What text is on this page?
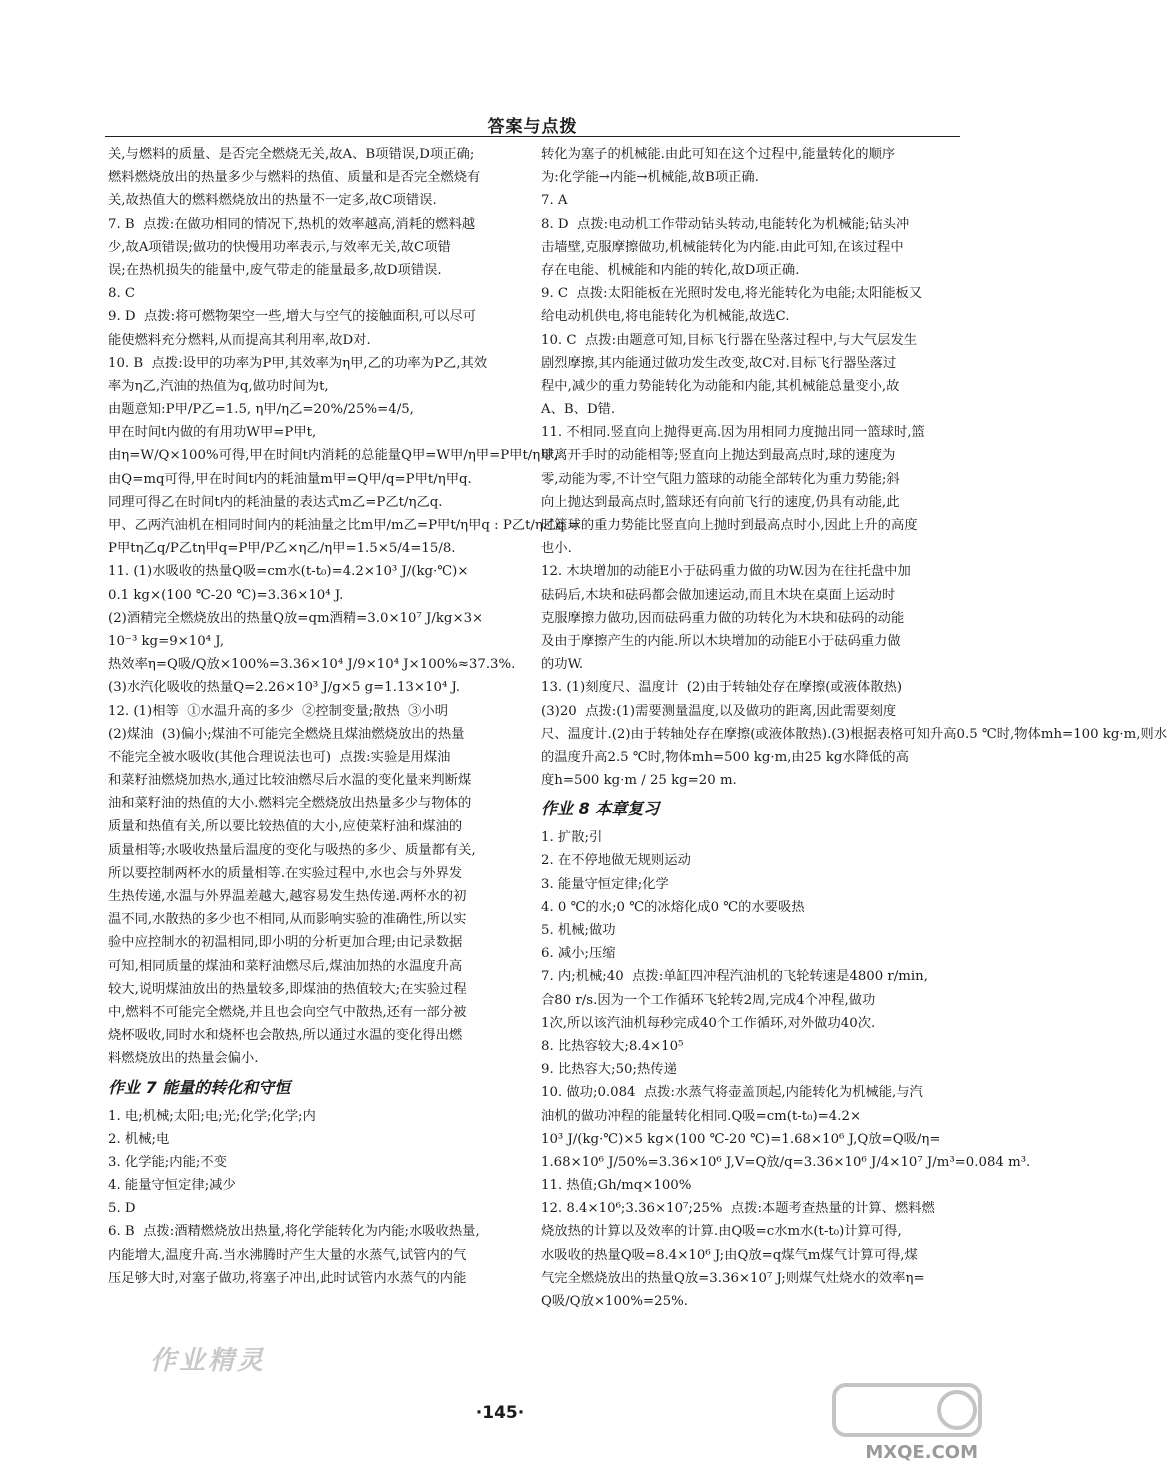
答案与点拨
关,与燃料的质量、是否完全燃烧无关,故A、B项错误,D项正确;
燃料燃烧放出的热量多少与燃料的热值、质量和是否完全燃烧有
关,故热值大的燃料燃烧放出的热量不一定多,故C项错误.
7. B  点拨:在做功相同的情况下,热机的效率越高,消耗的燃料越
少,故A项错误;做功的快慢用功率表示,与效率无关,故C项错
误;在热机损失的能量中,废气带走的能量最多,故D项错误.
8. C
9. D  点拨:将可燃物架空一些,增大与空气的接触面积,可以尽可
能使燃料充分燃料,从而提高其利用率,故D对.
10. B  点拨:设甲的功率为P甲,其效率为η甲,乙的功率为P乙,其效
率为η乙,汽油的热值为q,做功时间为t,
由题意知:P甲/P乙=1.5, η甲/η乙=20%/25%=4/5,
甲在时间t内做的有用功W甲=P甲t,
由η=W/Q×100%可得,甲在时间t内消耗的总能量Q甲=W甲/η甲=P甲t/η甲,
由Q=mq可得,甲在时间t内的耗油量m甲=Q甲/q=P甲t/η甲q.
同理可得乙在时间t内的耗油量的表达式m乙=P乙t/η乙q.
甲、乙两汽油机在相同时间内的耗油量之比m甲/m乙=P甲t/η甲q : P乙t/η乙q =
P甲tη乙q/P乙tη甲q=P甲/P乙×η乙/η甲=1.5×5/4=15/8.
11. (1)水吸收的热量Q吸=cm水(t-t₀)=4.2×10³ J/(kg·℃)×
0.1 kg×(100 ℃-20 ℃)=3.36×10⁴ J.
(2)酒精完全燃烧放出的热量Q放=qm酒精=3.0×10⁷ J/kg×3×
10⁻³ kg=9×10⁴ J,
热效率η=Q吸/Q放×100%=3.36×10⁴ J/9×10⁴ J×100%≈37.3%.
(3)水汽化吸收的热量Q=2.26×10³ J/g×5 g=1.13×10⁴ J.
12. (1)相等  ①水温升高的多少  ②控制变量;散热  ③小明
(2)煤油  (3)偏小;煤油不可能完全燃烧且煤油燃烧放出的热量
不能完全被水吸收(其他合理说法也可)  点拨:实验是用煤油
和菜籽油燃烧加热水,通过比较油燃尽后水温的变化量来判断煤
油和菜籽油的热值的大小.燃料完全燃烧放出热量多少与物体的
质量和热值有关,所以要比较热值的大小,应使菜籽油和煤油的
质量相等;水吸收热量后温度的变化与吸热的多少、质量都有关,
所以要控制两杯水的质量相等.在实验过程中,水也会与外界发
生热传递,水温与外界温差越大,越容易发生热传递.两杯水的初
温不同,水散热的多少也不相同,从而影响实验的准确性,所以实
验中应控制水的初温相同,即小明的分析更加合理;由记录数据
可知,相同质量的煤油和菜籽油燃尽后,煤油加热的水温度升高
较大,说明煤油放出的热量较多,即煤油的热值较大;在实验过程
中,燃料不可能完全燃烧,并且也会向空气中散热,还有一部分被
烧杯吸收,同时水和烧杯也会散热,所以通过水温的变化得出燃
料燃烧放出的热量会偏小.
作业 7 能量的转化和守恒
1. 电;机械;太阳;电;光;化学;化学;内
2. 机械;电
3. 化学能;内能;不变
4. 能量守恒定律;减少
5. D
6. B  点拨:酒精燃烧放出热量,将化学能转化为内能;水吸收热量,
内能增大,温度升高.当水沸腾时产生大量的水蒸气,试管内的气
压足够大时,对塞子做功,将塞子冲出,此时试管内水蒸气的内能
转化为塞子的机械能.由此可知在这个过程中,能量转化的顺序
为:化学能→内能→机械能,故B项正确.
7. A
8. D  点拨:电动机工作带动钻头转动,电能转化为机械能;钻头冲
击墙壁,克服摩擦做功,机械能转化为内能.由此可知,在该过程中
存在电能、机械能和内能的转化,故D项正确.
9. C  点拨:太阳能板在光照时发电,将光能转化为电能;太阳能板又
给电动机供电,将电能转化为机械能,故选C.
10. C  点拨:由题意可知,目标飞行器在坠落过程中,与大气层发生
剧烈摩擦,其内能通过做功发生改变,故C对.目标飞行器坠落过
程中,减少的重力势能转化为动能和内能,其机械能总量变小,故
A、B、D错.
11. 不相同.竖直向上抛得更高.因为用相同力度抛出同一篮球时,篮
球离开手时的动能相等;竖直向上抛达到最高点时,球的速度为
零,动能为零,不计空气阻力篮球的动能全部转化为重力势能;斜
向上抛达到最高点时,篮球还有向前飞行的速度,仍具有动能,此
时篮球的重力势能比竖直向上抛时到最高点时小,因此上升的高度
也小.
12. 木块增加的动能E小于砝码重力做的功W.因为在往托盘中加
砝码后,木块和砝码都会做加速运动,而且木块在桌面上运动时
克服摩擦力做功,因而砝码重力做的功转化为木块和砝码的动能
及由于摩擦产生的内能.所以木块增加的动能E小于砝码重力做
的功W.
13. (1)刻度尺、温度计  (2)由于转轴处存在摩擦(或液体散热)
(3)20  点拨:(1)需要测量温度,以及做功的距离,因此需要刻度
尺、温度计.(2)由于转轴处存在摩擦(或液体散热).(3)根据表格可知升高0.5 ℃时,物体mh=100 kg·m,则水
的温度升高2.5 ℃时,物体mh=500 kg·m,由25 kg水降低的高
度h=500 kg·m / 25 kg=20 m.
作业 8 本章复习
1. 扩散;引
2. 在不停地做无规则运动
3. 能量守恒定律;化学
4. 0 ℃的水;0 ℃的冰熔化成0 ℃的水要吸热
5. 机械;做功
6. 减小;压缩
7. 内;机械;40  点拨:单缸四冲程汽油机的飞轮转速是4800 r/min,
合80 r/s.因为一个工作循环飞轮转2周,完成4个冲程,做功
1次,所以该汽油机每秒完成40个工作循环,对外做功40次.
8. 比热容较大;8.4×10⁵
9. 比热容大;50;热传递
10. 做功;0.084  点拨:水蒸气将壶盖顶起,内能转化为机械能,与汽
油机的做功冲程的能量转化相同.Q吸=cm(t-t₀)=4.2×
10³ J/(kg·℃)×5 kg×(100 ℃-20 ℃)=1.68×10⁶ J,Q放=Q吸/η=
1.68×10⁶ J/50%=3.36×10⁶ J,V=Q放/q=3.36×10⁶ J/4×10⁷ J/m³=0.084 m³.
11. 热值;Gh/mq×100%
12. 8.4×10⁶;3.36×10⁷;25%  点拨:本题考查热量的计算、燃料燃
烧放热的计算以及效率的计算.由Q吸=c水m水(t-t₀)计算可得,
水吸收的热量Q吸=8.4×10⁶ J;由Q放=q煤气m煤气计算可得,煤
气完全燃烧放出的热量Q放=3.36×10⁷ J;则煤气灶烧水的效率η=
Q吸/Q放×100%=25%.
作业精灵
·145·
MXQE.COM
